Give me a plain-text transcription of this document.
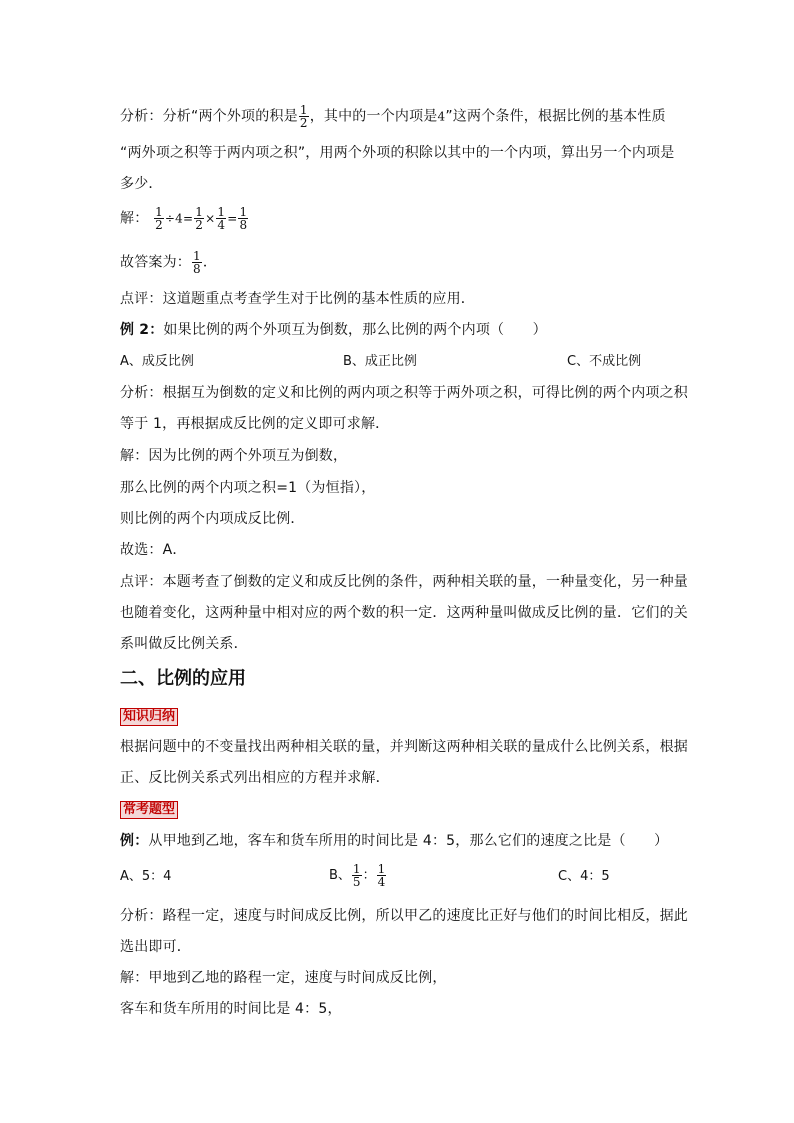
分析：分析“两个外项的积是 $\frac{1}{2}$ ，其中的一个内项是4”这两个条件，根据比例的基本性质
“两外项之积等于两内项之积”，用两个外项的积除以其中的一个内项，算出另一个内项是
多少．
解： $\frac{1}{2} \div 4= \frac{1}{2} \times \frac{1}{4} = \frac{1}{8}$
故答案为： $\frac{1}{8}$ ．
点评：这道题重点考查学生对于比例的基本性质的应用．
例 2：如果比例的两个外项互为倒数，那么比例的两个内项（　　）
A、成反比例	B、成正比例	C、不成比例
分析：根据互为倒数的定义和比例的两内项之积等于两外项之积，可得比例的两个内项之积
等于 1，再根据成反比例的定义即可求解．
解：因为比例的两个外项互为倒数，
那么比例的两个内项之积=1（为恒指），
则比例的两个内项成反比例．
故选：A．
点评：本题考查了倒数的定义和成反比例的条件，两种相关联的量，一种量变化，另一种量
也随着变化，这两种量中相对应的两个数的积一定．这两种量叫做成反比例的量．它们的关
系叫做反比例关系．
二、比例的应用
知识归纳
根据问题中的不变量找出两种相关联的量，并判断这两种相关联的量成什么比例关系，根据
正、反比例关系式列出相应的方程并求解．
常考题型
例：从甲地到乙地，客车和货车所用的时间比是 4：5，那么它们的速度之比是（　　）
A、5：4	B、 $\frac{1}{5}$ ： $\frac{1}{4}$	C、4：5
分析：路程一定，速度与时间成反比例，所以甲乙的速度比正好与他们的时间比相反，据此
选出即可．
解：甲地到乙地的路程一定，速度与时间成反比例，
客车和货车所用的时间比是 4：5，
